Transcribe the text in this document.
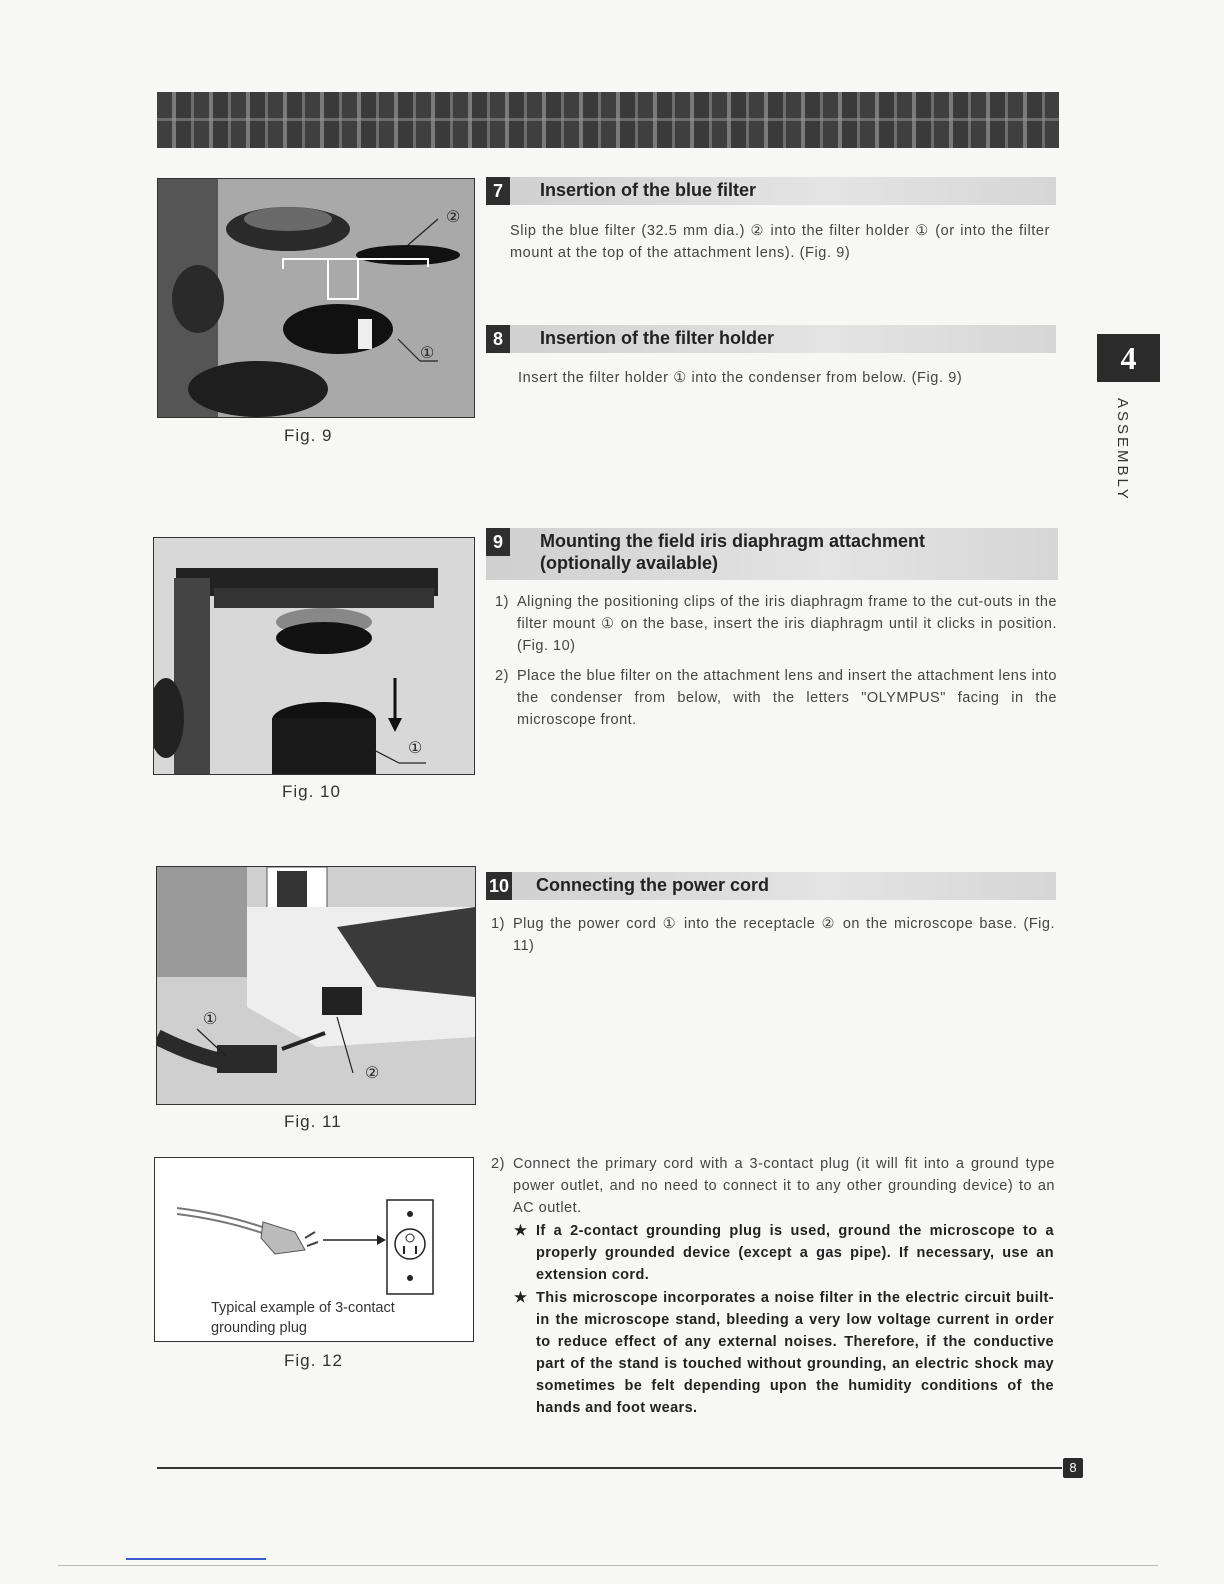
②
①
Fig. 9
①
Fig. 10
①
②
Fig. 11
Typical example of 3-contact grounding plug
Fig. 12
7	Insertion of the blue filter
Slip the blue filter (32.5 mm dia.) ② into the filter holder ① (or into the filter mount at the top of the attachment lens). (Fig. 9)
8	Insertion of the filter holder
Insert the filter holder ① into the condenser from below. (Fig. 9)
9	Mounting the field iris diaphragm attachment (optionally available)
1) Aligning the positioning clips of the iris diaphragm frame to the cut-outs in the filter mount ① on the base, insert the iris diaphragm until it clicks in position. (Fig. 10)
2) Place the blue filter on the attachment lens and insert the attachment lens into the condenser from below, with the letters "OLYMPUS" facing in the microscope front.
10 Connecting the power cord
1) Plug the power cord ① into the receptacle ② on the microscope base. (Fig. 11)
2) Connect the primary cord with a 3-contact plug (it will fit into a ground type power outlet, and no need to connect it to any other grounding device) to an AC outlet.
★ If a 2-contact grounding plug is used, ground the microscope to a properly grounded device (except a gas pipe). If necessary, use an extension cord.
★ This microscope incorporates a noise filter in the electric circuit built-in the microscope stand, bleeding a very low voltage current in order to reduce effect of any external noises. Therefore, if the conductive part of the stand is touched without grounding, an electric shock may sometimes be felt depending upon the humidity conditions of the hands and foot wears.
4
ASSEMBLY
8
